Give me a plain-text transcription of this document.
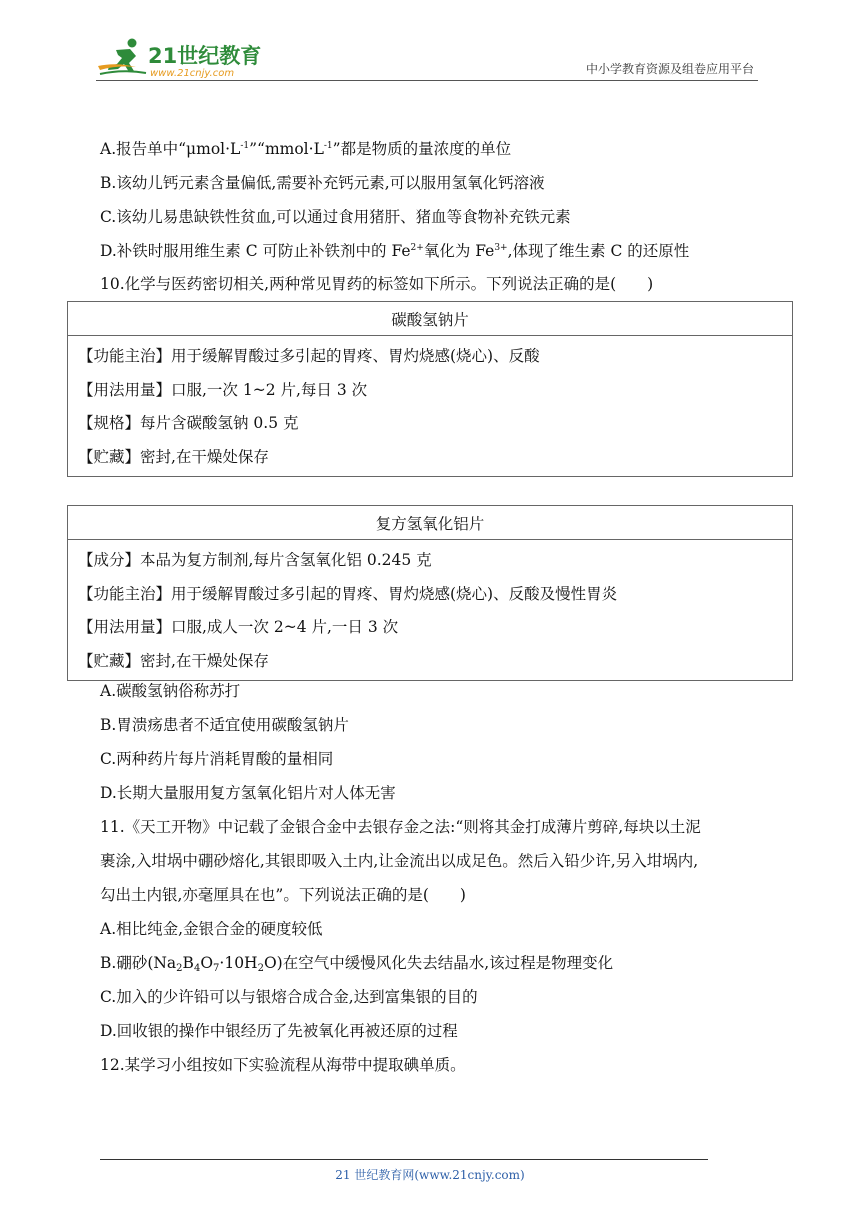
21世纪教育
www.21cnjy.com	中小学教育资源及组卷应用平台
A.报告单中“$\mu mol\cdot L^{-1}”“mmol\cdot L^{-1}$”都是物质的量浓度的单位
B.该幼儿钙元素含量偏低,需要补充钙元素,可以服用氢氧化钙溶液
C.该幼儿易患缺铁性贫血,可以通过食用猪肝、猪血等食物补充铁元素
D.补铁时服用维生素 C 可防止补铁剂中的 $Fe^{2+}$氧化为 $Fe^{3+}$,体现了维生素 C 的还原性
10.化学与医药密切相关,两种常见胃药的标签如下所示。下列说法正确的是(　　)
碳酸氢钠片

【功能主治】用于缓解胃酸过多引起的胃疼、胃灼烧感(烧心)、反酸
【用法用量】口服,一次 1~2 片,每日 3 次
【规格】每片含碳酸氢钠 0.5 克
【贮藏】密封,在干燥处保存
复方氢氧化铝片

【成分】本品为复方制剂,每片含氢氧化铝 0.245 克
【功能主治】用于缓解胃酸过多引起的胃疼、胃灼烧感(烧心)、反酸及慢性胃炎
【用法用量】口服,成人一次 2~4 片,一日 3 次
【贮藏】密封,在干燥处保存
A.碳酸氢钠俗称苏打
B.胃溃疡患者不适宜使用碳酸氢钠片
C.两种药片每片消耗胃酸的量相同
D.长期大量服用复方氢氧化铝片对人体无害
11.《天工开物》中记载了金银合金中去银存金之法:“则将其金打成薄片剪碎,每块以土泥
裹涂,入坩埚中硼砂熔化,其银即吸入土内,让金流出以成足色。然后入铅少许,另入坩埚内,
勾出土内银,亦毫厘具在也”。下列说法正确的是(　　)
A.相比纯金,金银合金的硬度较低
B.硼砂$(Na_2B_4O_7\cdot 10H_2O)$在空气中缓慢风化失去结晶水,该过程是物理变化
C.加入的少许铅可以与银熔合成合金,达到富集银的目的
D.回收银的操作中银经历了先被氧化再被还原的过程
12.某学习小组按如下实验流程从海带中提取碘单质。
21 世纪教育网(www.21cnjy.com)
